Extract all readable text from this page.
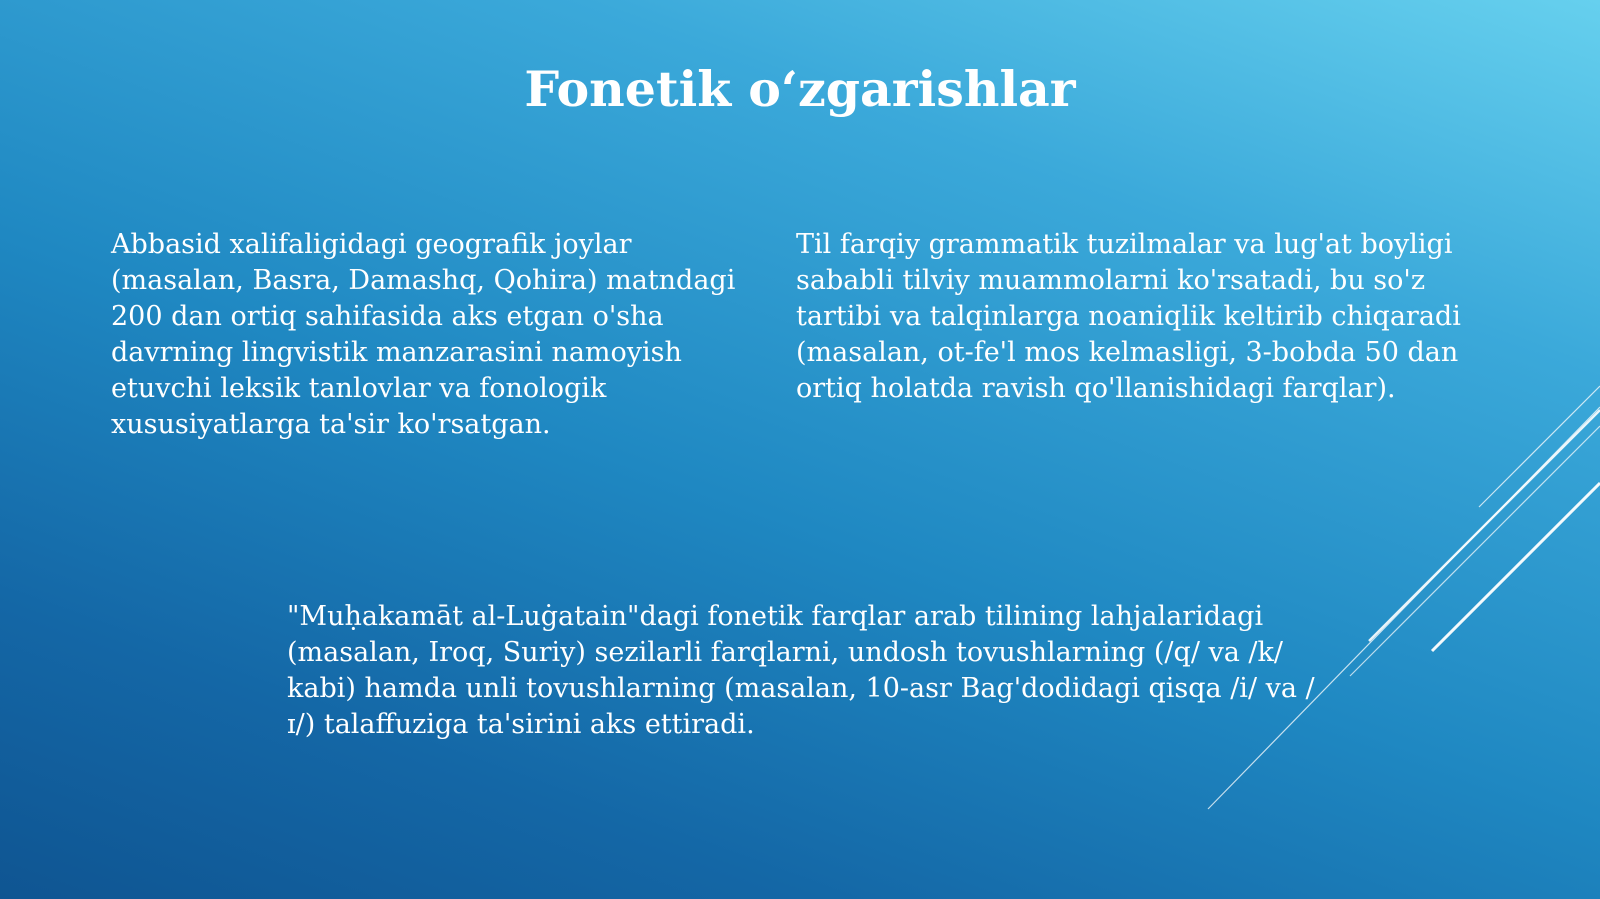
Fonetik o‘zgarishlar

Abbasid xalifaligidagi geografik joylar (masalan, Basra, Damashq, Qohira) matndagi 200 dan ortiq sahifasida aks etgan o'sha davrning lingvistik manzarasini namoyish etuvchi leksik tanlovlar va fonologik xususiyatlarga ta'sir ko'rsatgan.

Til farqiy grammatik tuzilmalar va lug'at boyligi sababli tilviy muammolarni ko'rsatadi, bu so'z tartibi va talqinlarga noaniqlik keltirib chiqaradi (masalan, ot-fe'l mos kelmasligi, 3-bobda 50 dan ortiq holatda ravish qo'llanishidagi farqlar).

"Muḥakamāt al-Luġatain"dagi fonetik farqlar arab tilining lahjalaridagi (masalan, Iroq, Suriy) sezilarli farqlarni, undosh tovushlarning (/q/ va /k/ kabi) hamda unli tovushlarning (masalan, 10-asr Bag'dodidagi qisqa /i/ va /ɪ/) talaffuziga ta'sirini aks ettiradi.
